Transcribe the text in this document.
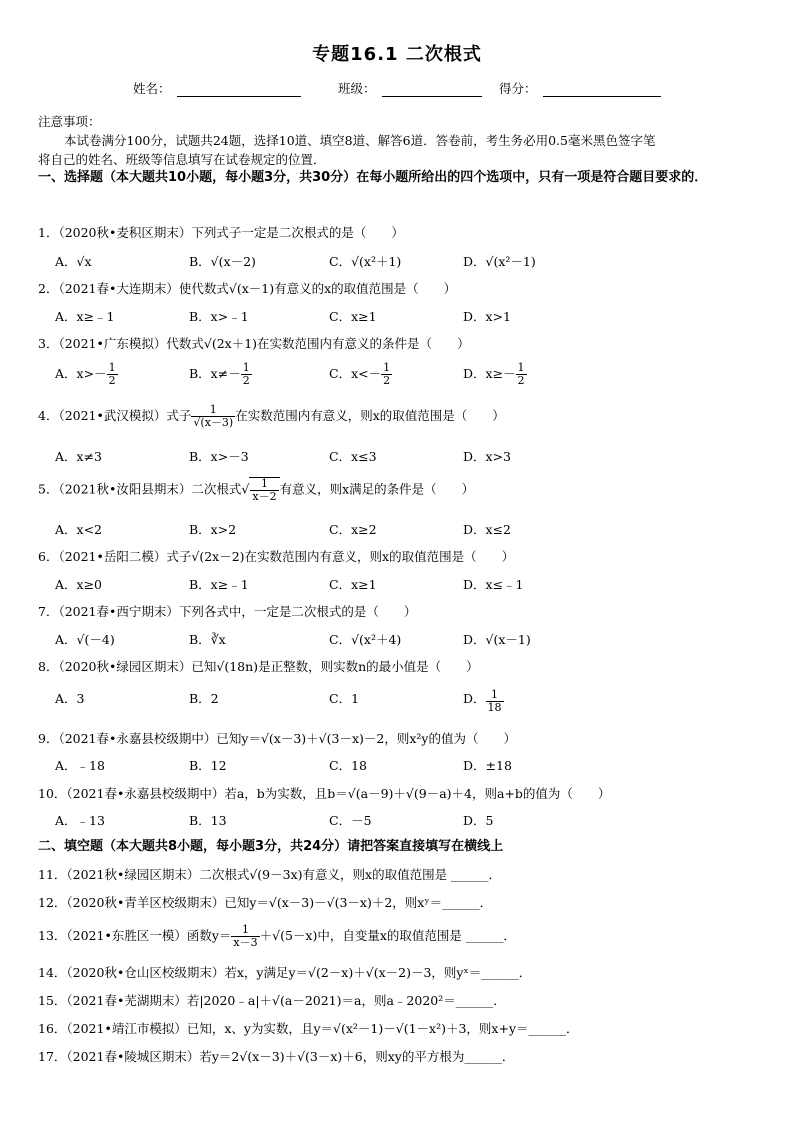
专题16.1 二次根式
姓名：	班级：	得分：
注意事项：
本试卷满分100分，试题共24题，选择10道、填空8道、解答6道．答卷前，考生务必用0.5毫米黑色签字笔
将自己的姓名、班级等信息填写在试卷规定的位置．
一、选择题（本大题共10小题，每小题3分，共30分）在每小题所给出的四个选项中，只有一项是符合题目要求的．
1．（2020秋•麦积区期末）下列式子一定是二次根式的是（　　）
A．√x	B．√(x－2)	C．√(x²＋1)	D．√(x²－1)
2．（2021春•大连期末）使代数式√(x－1)有意义的x的取值范围是（　　）
A．x≥﹣1	B．x>﹣1	C．x≥1	D．x>1
3．（2021•广东模拟）代数式√(2x＋1)在实数范围内有意义的条件是（　　）
A．$x>- \frac{1}{2}$	B．$x\ne- \frac{1}{2}$	C．$x<- \frac{1}{2}$	D．$x\ge- \frac{1}{2}$
4．（2021•武汉模拟）式子 $\frac{1}{√(x-3)}$ 在实数范围内有意义，则x的取值范围是（　　）
A．x≠3	B．x>－3	C．x≤3	D．x>3
5．（2021秋•汝阳县期末）二次根式√ $\frac{1}{x-2}$ 有意义，则x满足的条件是（　　）
A．x<2	B．x>2	C．x≥2	D．x≤2
6．（2021•岳阳二模）式子√(2x－2)在实数范围内有意义，则x的取值范围是（　　）
A．x≥0	B．x≥﹣1	C．x≥1	D．x≤﹣1
7．（2021春•西宁期末）下列各式中，一定是二次根式的是（　　）
A．√(－4)	B．∛x	C．√(x²＋4)	D．√(x－1)
8．（2020秋•绿园区期末）已知√(18n)是正整数，则实数n的最小值是（　　）
A．3	B．2	C．1	D． $\frac{1}{18}$
9．（2021春•永嘉县校级期中）已知y＝√(x－3)＋√(3－x)－2，则x²y的值为（　　）
A．﹣18	B．12	C．18	D．±18
10．（2021春•永嘉县校级期中）若a，b为实数，且b＝√(a－9)＋√(9－a)＋4，则a+b的值为（　　）
A．﹣13	B．13	C．－5	D．5
二、填空题（本大题共8小题，每小题3分，共24分）请把答案直接填写在横线上
11．（2021秋•绿园区期末）二次根式√(9－3x)有意义，则x的取值范围是 ______．
12．（2020秋•青羊区校级期末）已知y＝√(x－3)－√(3－x)＋2，则xʸ＝______．
13．（2021•东胜区一模）函数$y= \frac{1}{x-3} +√(5-x)$中，自变量x的取值范围是 ______．
14．（2020秋•仓山区校级期末）若x，y满足y＝√(2－x)＋√(x－2)－3，则yˣ＝______．
15．（2021春•芜湖期末）若|2020﹣a|＋√(a－2021)＝a，则a﹣2020²＝______．
16．（2021•靖江市模拟）已知，x、y为实数，且y＝√(x²－1)－√(1－x²)＋3，则x+y＝______．
17．（2021春•陵城区期末）若y＝2√(x－3)＋√(3－x)＋6，则xy的平方根为______．
